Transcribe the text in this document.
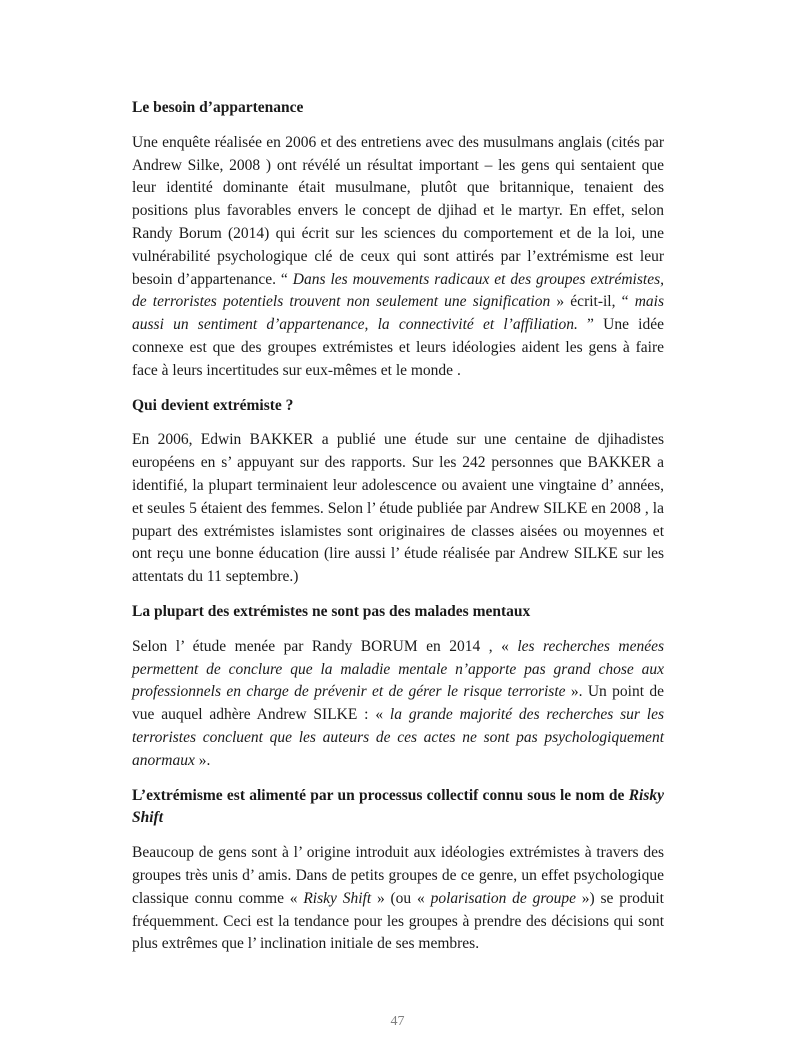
Le besoin d’appartenance

Une enquête réalisée en 2006 et des entretiens avec des musulmans anglais (cités par Andrew Silke, 2008 ) ont révélé un résultat important – les gens qui sentaient que leur identité dominante était musulmane, plutôt que britannique, tenaient des positions plus favorables envers le concept de djihad et le martyr. En effet, selon Randy Borum (2014) qui écrit sur les sciences du comportement et de la loi, une vulnérabilité psychologique clé de ceux qui sont attirés par l’extrémisme est leur besoin d’appartenance. “ Dans les mouvements radicaux et des groupes extrémistes, de terroristes potentiels trouvent non seulement une signification » écrit-il, “ mais aussi un sentiment d’appartenance, la connectivité et l’affiliation. ” Une idée connexe est que des groupes extrémistes et leurs idéologies aident les gens à faire face à leurs incertitudes sur eux-mêmes et le monde .

Qui devient extrémiste ?

En 2006, Edwin BAKKER a publié une étude sur une centaine de djihadistes européens en s’ appuyant sur des rapports. Sur les 242 personnes que BAKKER a identifié, la plupart terminaient leur adolescence ou avaient une vingtaine d’ années, et seules 5 étaient des femmes. Selon l’ étude publiée par Andrew SILKE en 2008 , la pupart des extrémistes islamistes sont originaires de classes aisées ou moyennes et ont reçu une bonne éducation (lire aussi l’ étude réalisée par Andrew SILKE sur les attentats du 11 septembre.)

La plupart des extrémistes ne sont pas des malades mentaux

Selon l’ étude menée par Randy BORUM en 2014 , « les recherches menées permettent de conclure que la maladie mentale n’apporte pas grand chose aux professionnels en charge de prévenir et de gérer le risque terroriste ». Un point de vue auquel adhère Andrew SILKE : « la grande majorité des recherches sur les terroristes concluent que les auteurs de ces actes ne sont pas psychologiquement anormaux ».

L’extrémisme est alimenté par un processus collectif connu sous le nom de Risky Shift

Beaucoup de gens sont à l’ origine introduit aux idéologies extrémistes à travers des groupes très unis d’ amis. Dans de petits groupes de ce genre, un effet psychologique classique connu comme « Risky Shift » (ou « polarisation de groupe ») se produit fréquemment. Ceci est la tendance pour les groupes à prendre des décisions qui sont plus extrêmes que l’ inclination initiale de ses membres.

47
